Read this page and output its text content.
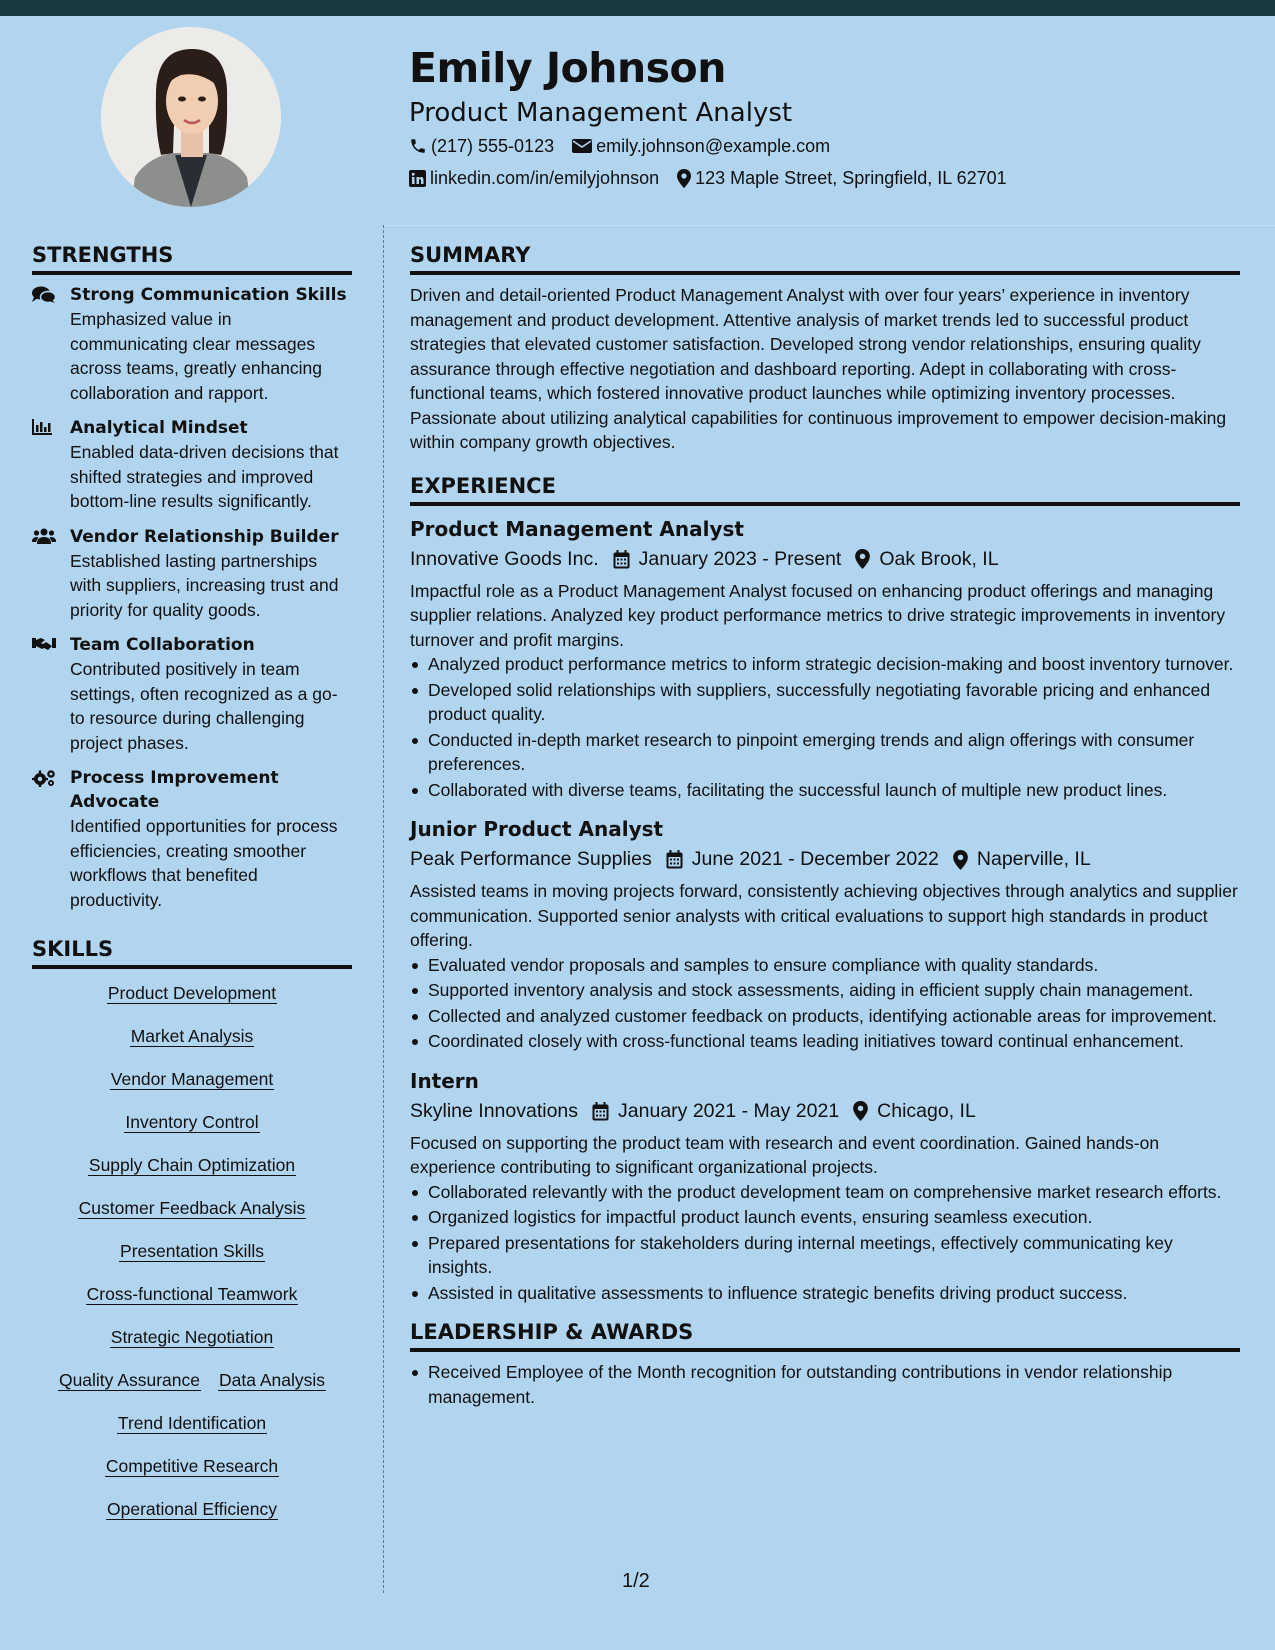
Emily Johnson
Product Management Analyst
(217) 555-0123 emily.johnson@example.com
linkedin.com/in/emilyjohnson 123 Maple Street, Springfield, IL 62701
STRENGTHS
Strong Communication Skills
Emphasized value in communicating clear messages across teams, greatly enhancing collaboration and rapport.
Analytical Mindset
Enabled data-driven decisions that shifted strategies and improved bottom-line results significantly.
Vendor Relationship Builder
Established lasting partnerships with suppliers, increasing trust and priority for quality goods.
Team Collaboration
Contributed positively in team settings, often recognized as a go-to resource during challenging project phases.
Process Improvement Advocate
Identified opportunities for process efficiencies, creating smoother workflows that benefited productivity.
SKILLS
Product Development
Market Analysis
Vendor Management
Inventory Control
Supply Chain Optimization
Customer Feedback Analysis
Presentation Skills
Cross-functional Teamwork
Strategic Negotiation
Quality Assurance Data Analysis
Trend Identification
Competitive Research
Operational Efficiency
SUMMARY
Driven and detail-oriented Product Management Analyst with over four years’ experience in inventory management and product development. Attentive analysis of market trends led to successful product strategies that elevated customer satisfaction. Developed strong vendor relationships, ensuring quality assurance through effective negotiation and dashboard reporting. Adept in collaborating with cross-functional teams, which fostered innovative product launches while optimizing inventory processes. Passionate about utilizing analytical capabilities for continuous improvement to empower decision-making within company growth objectives.
EXPERIENCE
Product Management Analyst
Innovative Goods Inc. January 2023 - Present Oak Brook, IL
Impactful role as a Product Management Analyst focused on enhancing product offerings and managing supplier relations. Analyzed key product performance metrics to drive strategic improvements in inventory turnover and profit margins.
Analyzed product performance metrics to inform strategic decision-making and boost inventory turnover.
Developed solid relationships with suppliers, successfully negotiating favorable pricing and enhanced product quality.
Conducted in-depth market research to pinpoint emerging trends and align offerings with consumer preferences.
Collaborated with diverse teams, facilitating the successful launch of multiple new product lines.
Junior Product Analyst
Peak Performance Supplies June 2021 - December 2022 Naperville, IL
Assisted teams in moving projects forward, consistently achieving objectives through analytics and supplier communication. Supported senior analysts with critical evaluations to support high standards in product offering.
Evaluated vendor proposals and samples to ensure compliance with quality standards.
Supported inventory analysis and stock assessments, aiding in efficient supply chain management.
Collected and analyzed customer feedback on products, identifying actionable areas for improvement.
Coordinated closely with cross-functional teams leading initiatives toward continual enhancement.
Intern
Skyline Innovations January 2021 - May 2021 Chicago, IL
Focused on supporting the product team with research and event coordination. Gained hands-on experience contributing to significant organizational projects.
Collaborated relevantly with the product development team on comprehensive market research efforts.
Organized logistics for impactful product launch events, ensuring seamless execution.
Prepared presentations for stakeholders during internal meetings, effectively communicating key insights.
Assisted in qualitative assessments to influence strategic benefits driving product success.
LEADERSHIP & AWARDS
Received Employee of the Month recognition for outstanding contributions in vendor relationship management.
1/2
